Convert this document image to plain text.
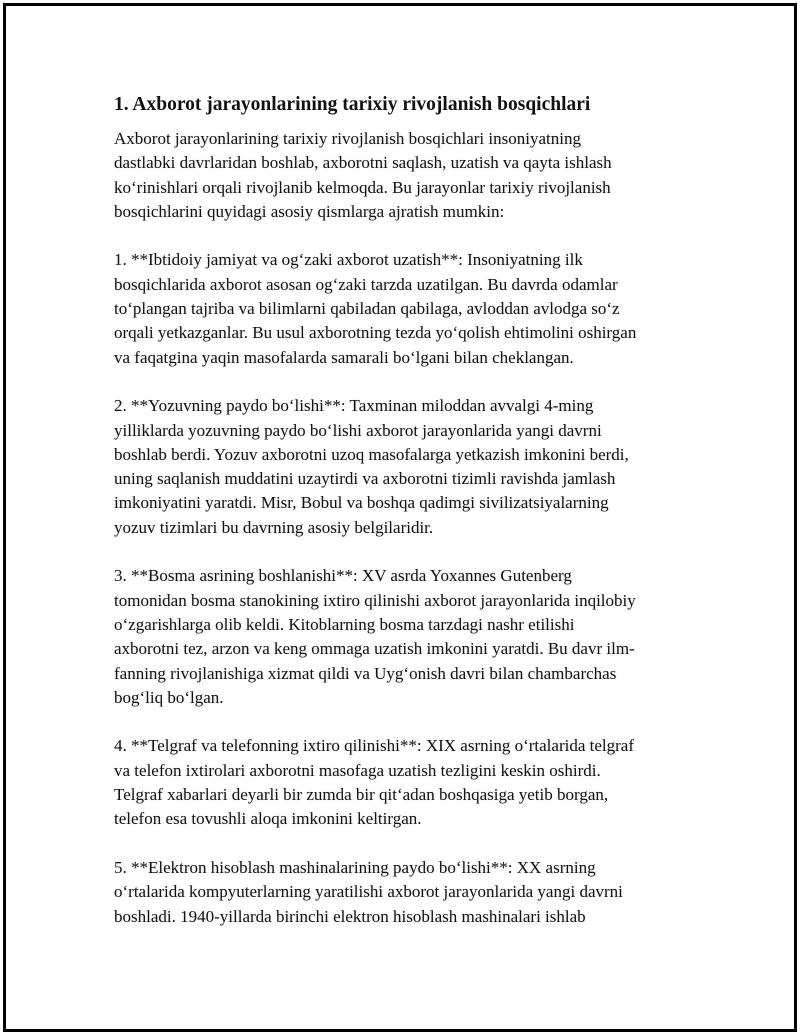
1. Axborot jarayonlarining tarixiy rivojlanish bosqichlari

Axborot jarayonlarining tarixiy rivojlanish bosqichlari insoniyatning
dastlabki davrlaridan boshlab, axborotni saqlash, uzatish va qayta ishlash
ko‘rinishlari orqali rivojlanib kelmoqda. Bu jarayonlar tarixiy rivojlanish
bosqichlarini quyidagi asosiy qismlarga ajratish mumkin:

1. **Ibtidoiy jamiyat va og‘zaki axborot uzatish**: Insoniyatning ilk
bosqichlarida axborot asosan og‘zaki tarzda uzatilgan. Bu davrda odamlar
to‘plangan tajriba va bilimlarni qabiladan qabilaga, avloddan avlodga so‘z
orqali yetkazganlar. Bu usul axborotning tezda yo‘qolish ehtimolini oshirgan
va faqatgina yaqin masofalarda samarali bo‘lgani bilan cheklangan.

2. **Yozuvning paydo bo‘lishi**: Taxminan miloddan avvalgi 4-ming
yilliklarda yozuvning paydo bo‘lishi axborot jarayonlarida yangi davrni
boshlab berdi. Yozuv axborotni uzoq masofalarga yetkazish imkonini berdi,
uning saqlanish muddatini uzaytirdi va axborotni tizimli ravishda jamlash
imkoniyatini yaratdi. Misr, Bobul va boshqa qadimgi sivilizatsiyalarning
yozuv tizimlari bu davrning asosiy belgilaridir.

3. **Bosma asrining boshlanishi**: XV asrda Yoxannes Gutenberg
tomonidan bosma stanokining ixtiro qilinishi axborot jarayonlarida inqilobiy
o‘zgarishlarga olib keldi. Kitoblarning bosma tarzdagi nashr etilishi
axborotni tez, arzon va keng ommaga uzatish imkonini yaratdi. Bu davr ilm-
fanning rivojlanishiga xizmat qildi va Uyg‘onish davri bilan chambarchas
bog‘liq bo‘lgan.

4. **Telgraf va telefonning ixtiro qilinishi**: XIX asrning o‘rtalarida telgraf
va telefon ixtirolari axborotni masofaga uzatish tezligini keskin oshirdi.
Telgraf xabarlari deyarli bir zumda bir qit‘adan boshqasiga yetib borgan,
telefon esa tovushli aloqa imkonini keltirgan.

5. **Elektron hisoblash mashinalarining paydo bo‘lishi**: XX asrning
o‘rtalarida kompyuterlarning yaratilishi axborot jarayonlarida yangi davrni
boshladi. 1940-yillarda birinchi elektron hisoblash mashinalari ishlab
